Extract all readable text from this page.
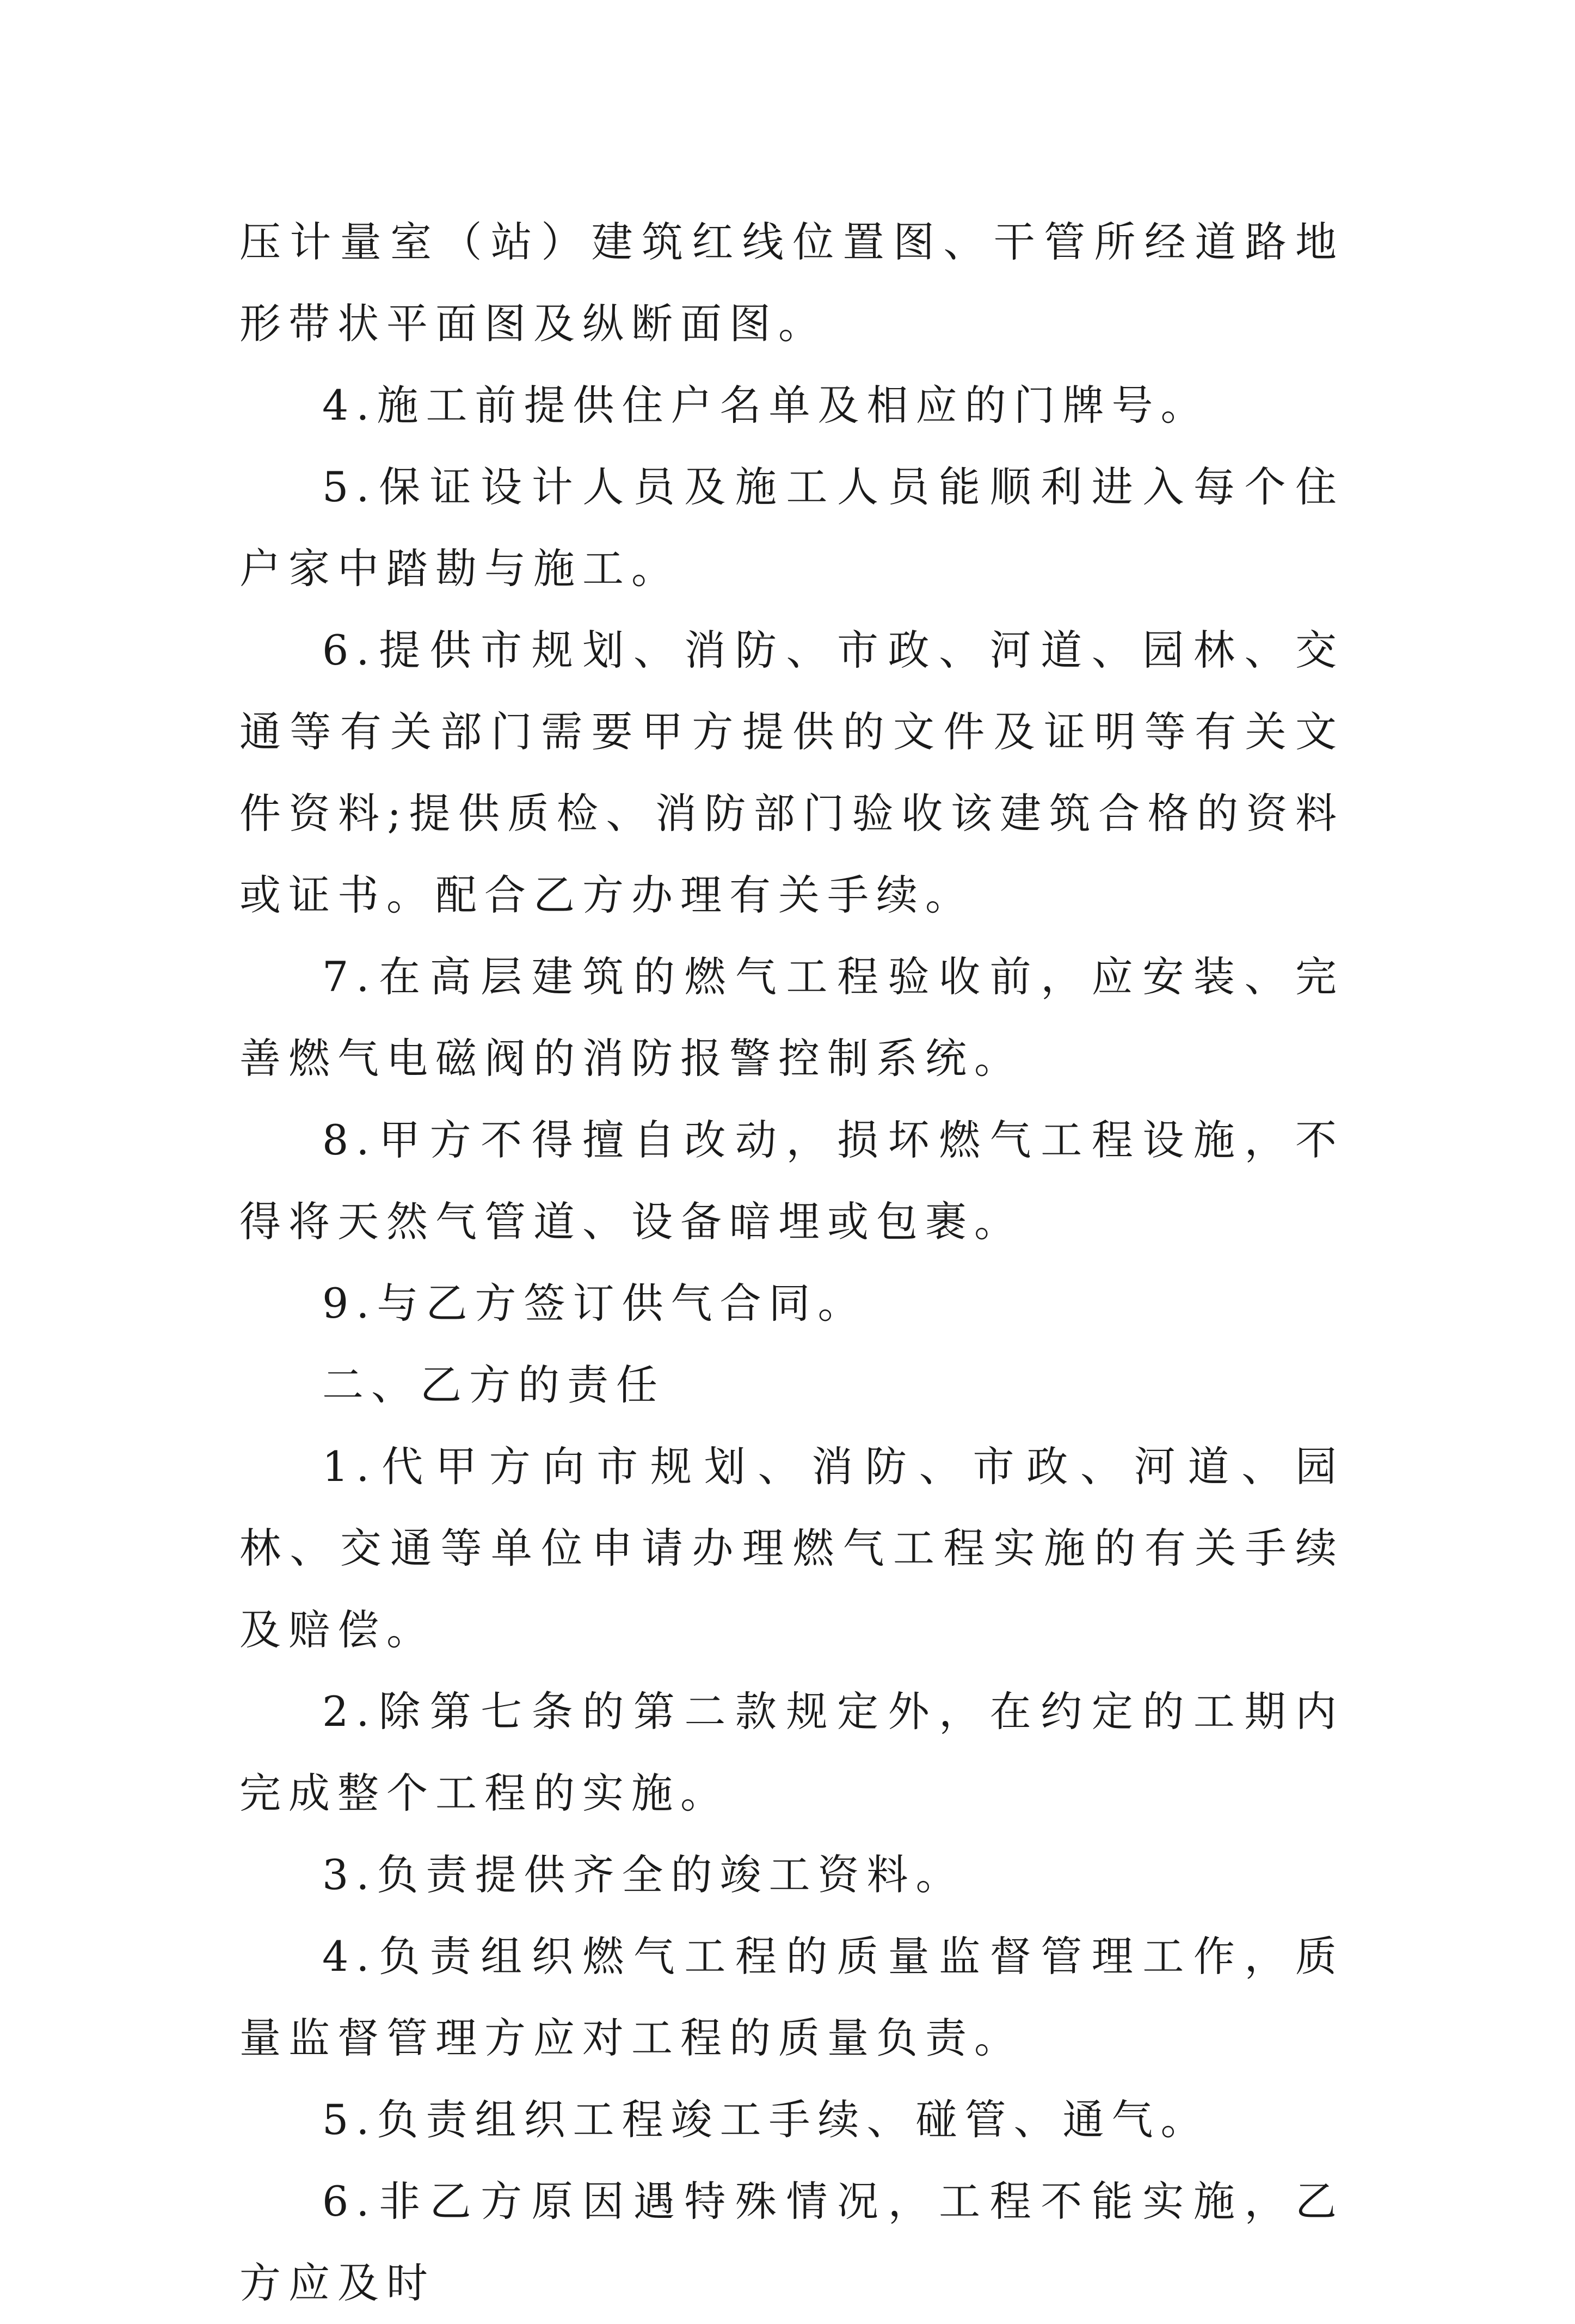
压计量室（站）建筑红线位置图、干管所经道路地形带状平面图及纵断面图。

4.施工前提供住户名单及相应的门牌号。

5.保证设计人员及施工人员能顺利进入每个住户家中踏勘与施工。

6.提供市规划、消防、市政、河道、园林、交通等有关部门需要甲方提供的文件及证明等有关文件资料;提供质检、消防部门验收该建筑合格的资料或证书。配合乙方办理有关手续。

7.在高层建筑的燃气工程验收前，应安装、完善燃气电磁阀的消防报警控制系统。

8.甲方不得擅自改动，损坏燃气工程设施，不得将天然气管道、设备暗埋或包裹。

9.与乙方签订供气合同。

二、乙方的责任

1.代甲方向市规划、消防、市政、河道、园林、交通等单位申请办理燃气工程实施的有关手续及赔偿。

2.除第七条的第二款规定外，在约定的工期内完成整个工程的实施。

3.负责提供齐全的竣工资料。

4.负责组织燃气工程的质量监督管理工作，质量监督管理方应对工程的质量负责。

5.负责组织工程竣工手续、碰管、通气。

6.非乙方原因遇特殊情况，工程不能实施，乙方应及时
